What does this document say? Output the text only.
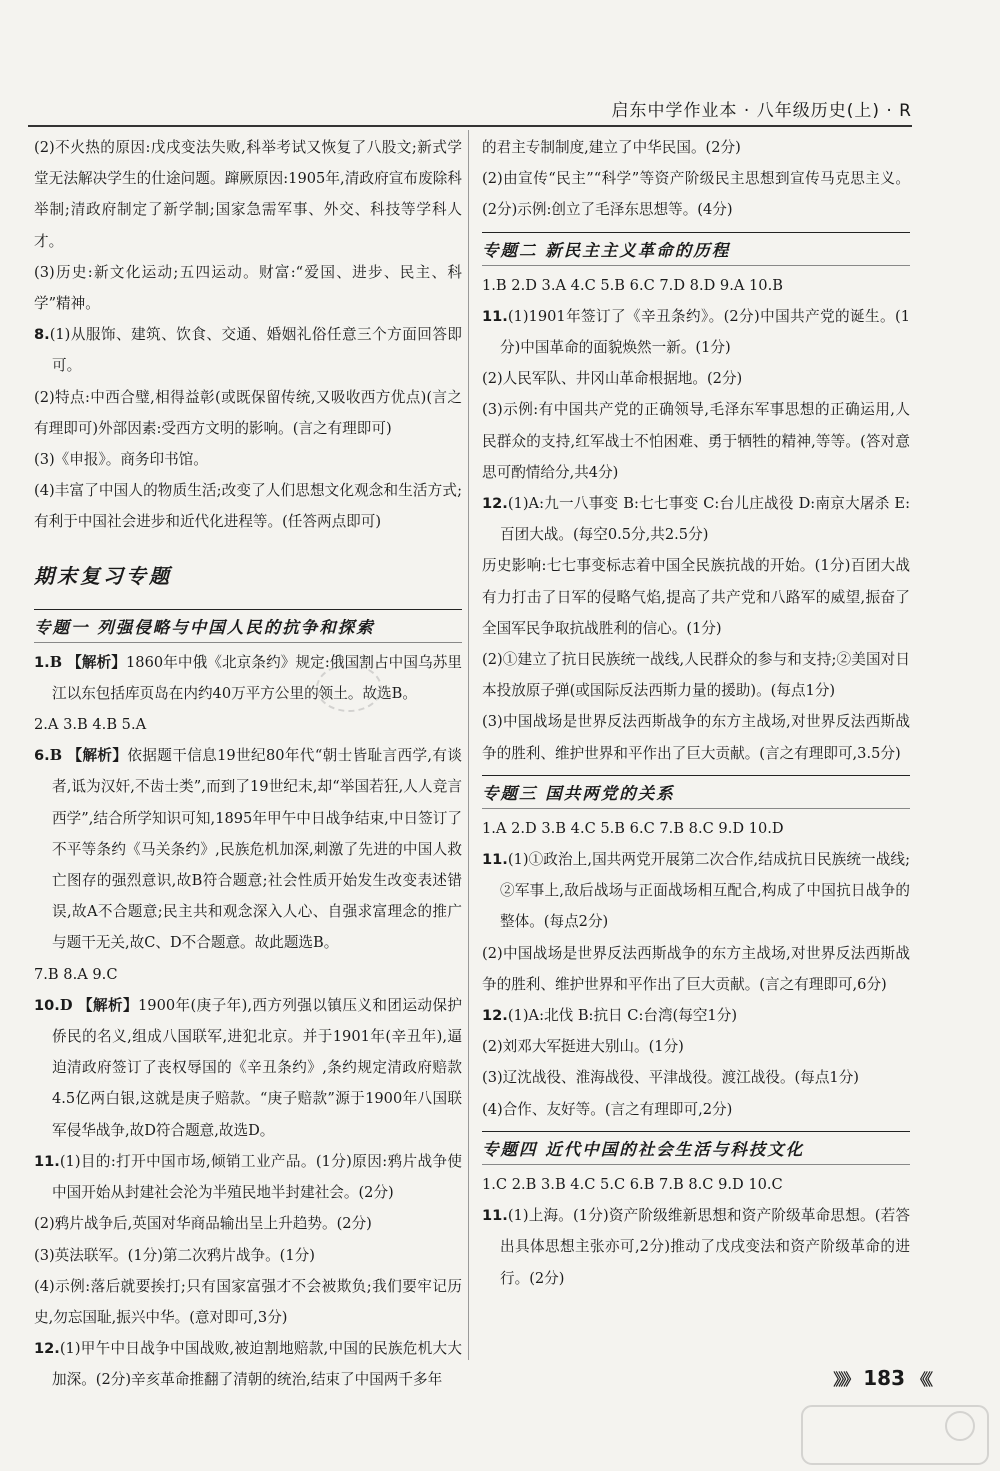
启东中学作业本 · 八年级历史(上) · R
(2)不火热的原因:戊戌变法失败,科举考试又恢复了八股文;新式学堂无法解决学生的仕途问题。蹿厥原因:1905年,清政府宣布废除科举制;清政府制定了新学制;国家急需军事、外交、科技等学科人才。
(3)历史:新文化运动;五四运动。财富:“爱国、进步、民主、科学”精神。
8.(1)从服饰、建筑、饮食、交通、婚姻礼俗任意三个方面回答即可。
(2)特点:中西合璧,相得益彰(或既保留传统,又吸收西方优点)(言之有理即可)外部因素:受西方文明的影响。(言之有理即可)
(3)《申报》。商务印书馆。
(4)丰富了中国人的物质生活;改变了人们思想文化观念和生活方式;有利于中国社会进步和近代化进程等。(任答两点即可)
期末复习专题
专题一 列强侵略与中国人民的抗争和探索
1.B 【解析】1860年中俄《北京条约》规定:俄国割占中国乌苏里江以东包括库页岛在内约40万平方公里的领土。故选B。
2.A 3.B 4.B 5.A
6.B 【解析】依据题干信息19世纪80年代“朝士皆耻言西学,有谈者,诋为汉奸,不齿士类”,而到了19世纪末,却“举国若狂,人人竞言西学”,结合所学知识可知,1895年甲午中日战争结束,中日签订了不平等条约《马关条约》,民族危机加深,刺激了先进的中国人救亡图存的强烈意识,故B符合题意;社会性质开始发生改变表述错误,故A不合题意;民主共和观念深入人心、自强求富理念的推广与题干无关,故C、D不合题意。故此题选B。
7.B 8.A 9.C
10.D 【解析】1900年(庚子年),西方列强以镇压义和团运动保护侨民的名义,组成八国联军,进犯北京。并于1901年(辛丑年),逼迫清政府签订了丧权辱国的《辛丑条约》,条约规定清政府赔款4.5亿两白银,这就是庚子赔款。“庚子赔款”源于1900年八国联军侵华战争,故D符合题意,故选D。
11.(1)目的:打开中国市场,倾销工业产品。(1分)原因:鸦片战争使中国开始从封建社会沦为半殖民地半封建社会。(2分)
(2)鸦片战争后,英国对华商品输出呈上升趋势。(2分)
(3)英法联军。(1分)第二次鸦片战争。(1分)
(4)示例:落后就要挨打;只有国家富强才不会被欺负;我们要牢记历史,勿忘国耻,振兴中华。(意对即可,3分)
12.(1)甲午中日战争中国战败,被迫割地赔款,中国的民族危机大大加深。(2分)辛亥革命推翻了清朝的统治,结束了中国两千多年
的君主专制制度,建立了中华民国。(2分)
(2)由宣传“民主”“科学”等资产阶级民主思想到宣传马克思主义。(2分)示例:创立了毛泽东思想等。(4分)
专题二 新民主主义革命的历程
1.B 2.D 3.A 4.C 5.B 6.C 7.D 8.D 9.A 10.B
11.(1)1901年签订了《辛丑条约》。(2分)中国共产党的诞生。(1分)中国革命的面貌焕然一新。(1分)
(2)人民军队、井冈山革命根据地。(2分)
(3)示例:有中国共产党的正确领导,毛泽东军事思想的正确运用,人民群众的支持,红军战士不怕困难、勇于牺牲的精神,等等。(答对意思可酌情给分,共4分)
12.(1)A:九一八事变 B:七七事变 C:台儿庄战役 D:南京大屠杀 E:百团大战。(每空0.5分,共2.5分)
历史影响:七七事变标志着中国全民族抗战的开始。(1分)百团大战有力打击了日军的侵略气焰,提高了共产党和八路军的威望,振奋了全国军民争取抗战胜利的信心。(1分)
(2)①建立了抗日民族统一战线,人民群众的参与和支持;②美国对日本投放原子弹(或国际反法西斯力量的援助)。(每点1分)
(3)中国战场是世界反法西斯战争的东方主战场,对世界反法西斯战争的胜利、维护世界和平作出了巨大贡献。(言之有理即可,3.5分)
专题三 国共两党的关系
1.A 2.D 3.B 4.C 5.B 6.C 7.B 8.C 9.D 10.D
11.(1)①政治上,国共两党开展第二次合作,结成抗日民族统一战线;②军事上,敌后战场与正面战场相互配合,构成了中国抗日战争的整体。(每点2分)
(2)中国战场是世界反法西斯战争的东方主战场,对世界反法西斯战争的胜利、维护世界和平作出了巨大贡献。(言之有理即可,6分)
12.(1)A:北伐 B:抗日 C:台湾(每空1分)
(2)刘邓大军挺进大别山。(1分)
(3)辽沈战役、淮海战役、平津战役。渡江战役。(每点1分)
(4)合作、友好等。(言之有理即可,2分)
专题四 近代中国的社会生活与科技文化
1.C 2.B 3.B 4.C 5.C 6.B 7.B 8.C 9.D 10.C
11.(1)上海。(1分)资产阶级维新思想和资产阶级革命思想。(若答出具体思想主张亦可,2分)推动了戊戌变法和资产阶级革命的进行。(2分)
》》》 183 《《
